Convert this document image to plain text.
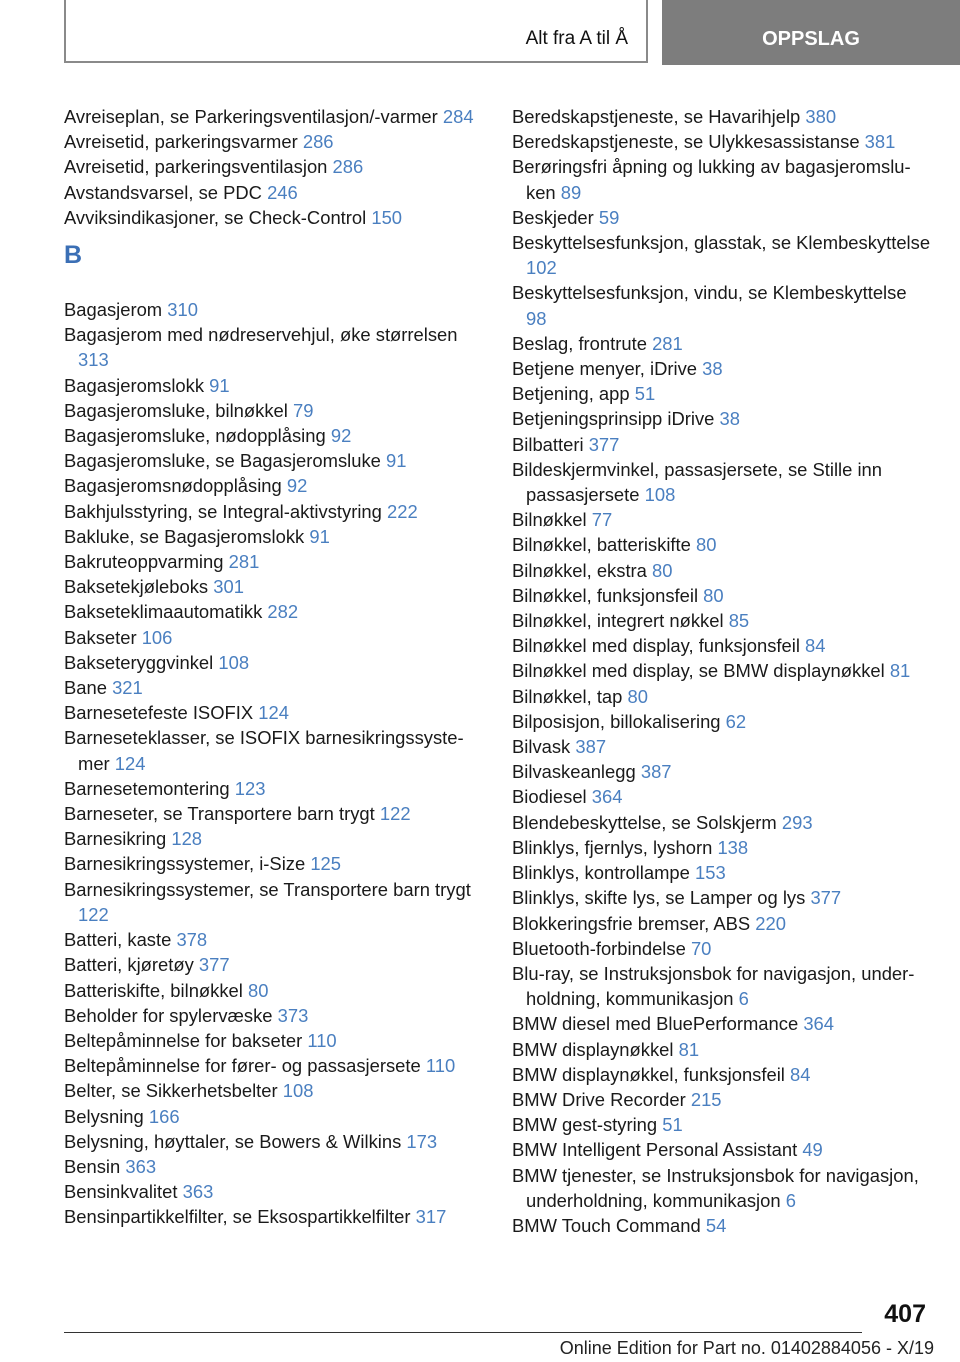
Alt fra A til Å	OPPSLAG
Avreiseplan, se Parkeringsventilasjon/-varmer 284
Avreisetid, parkeringsvarmer 286
Avreisetid, parkeringsventilasjon 286
Avstandsvarsel, se PDC 246
Avviksindikasjoner, se Check-Control 150
B
Bagasjerom 310
Bagasjerom med nødreservehjul, øke størrelsen 313
Bagasjeromslokk 91
Bagasjeromsluke, bilnøkkel 79
Bagasjeromsluke, nødopplåsing 92
Bagasjeromsluke, se Bagasjeromsluke 91
Bagasjeromsnødopplåsing 92
Bakhjulsstyring, se Integral-aktivstyring 222
Bakluke, se Bagasjeromslokk 91
Bakruteoppvarming 281
Baksetekjøleboks 301
Bakseteklimaautomatikk 282
Bakseter 106
Bakseteryggvinkel 108
Bane 321
Barnesetefeste ISOFIX 124
Barneseteklasser, se ISOFIX barnesikringssystemer 124
Barnesetemontering 123
Barneseter, se Transportere barn trygt 122
Barnesikring 128
Barnesikringssystemer, i-Size 125
Barnesikringssystemer, se Transportere barn trygt 122
Batteri, kaste 378
Batteri, kjøretøy 377
Batteriskifte, bilnøkkel 80
Beholder for spylervæske 373
Beltepåminnelse for bakseter 110
Beltepåminnelse for fører- og passasjersete 110
Belter, se Sikkerhetsbelter 108
Belysning 166
Belysning, høyttaler, se Bowers & Wilkins 173
Bensin 363
Bensinkvalitet 363
Bensinpartikkelfilter, se Eksospartikkelfilter 317
Beredskapstjeneste, se Havarihjelp 380
Beredskapstjeneste, se Ulykkesassistanse 381
Berøringsfri åpning og lukking av bagasjeromsluken 89
Beskjeder 59
Beskyttelsesfunksjon, glasstak, se Klembeskyttelse 102
Beskyttelsesfunksjon, vindu, se Klembeskyttelse 98
Beslag, frontrute 281
Betjene menyer, iDrive 38
Betjening, app 51
Betjeningsprinsipp iDrive 38
Bilbatteri 377
Bildeskjermvinkel, passasjersete, se Stille inn passasjersete 108
Bilnøkkel 77
Bilnøkkel, batteriskifte 80
Bilnøkkel, ekstra 80
Bilnøkkel, funksjonsfeil 80
Bilnøkkel, integrert nøkkel 85
Bilnøkkel med display, funksjonsfeil 84
Bilnøkkel med display, se BMW displaynøkkel 81
Bilnøkkel, tap 80
Bilposisjon, billokalisering 62
Bilvask 387
Bilvaskeanlegg 387
Biodiesel 364
Blendebeskyttelse, se Solskjerm 293
Blinklys, fjernlys, lyshorn 138
Blinklys, kontrollampe 153
Blinklys, skifte lys, se Lamper og lys 377
Blokkeringsfrie bremser, ABS 220
Bluetooth-forbindelse 70
Blu-ray, se Instruksjonsbok for navigasjon, underholdning, kommunikasjon 6
BMW diesel med BluePerformance 364
BMW displaynøkkel 81
BMW displaynøkkel, funksjonsfeil 84
BMW Drive Recorder 215
BMW gest-styring 51
BMW Intelligent Personal Assistant 49
BMW tjenester, se Instruksjonsbok for navigasjon, underholdning, kommunikasjon 6
BMW Touch Command 54
407
Online Edition for Part no. 01402884056 - X/19
